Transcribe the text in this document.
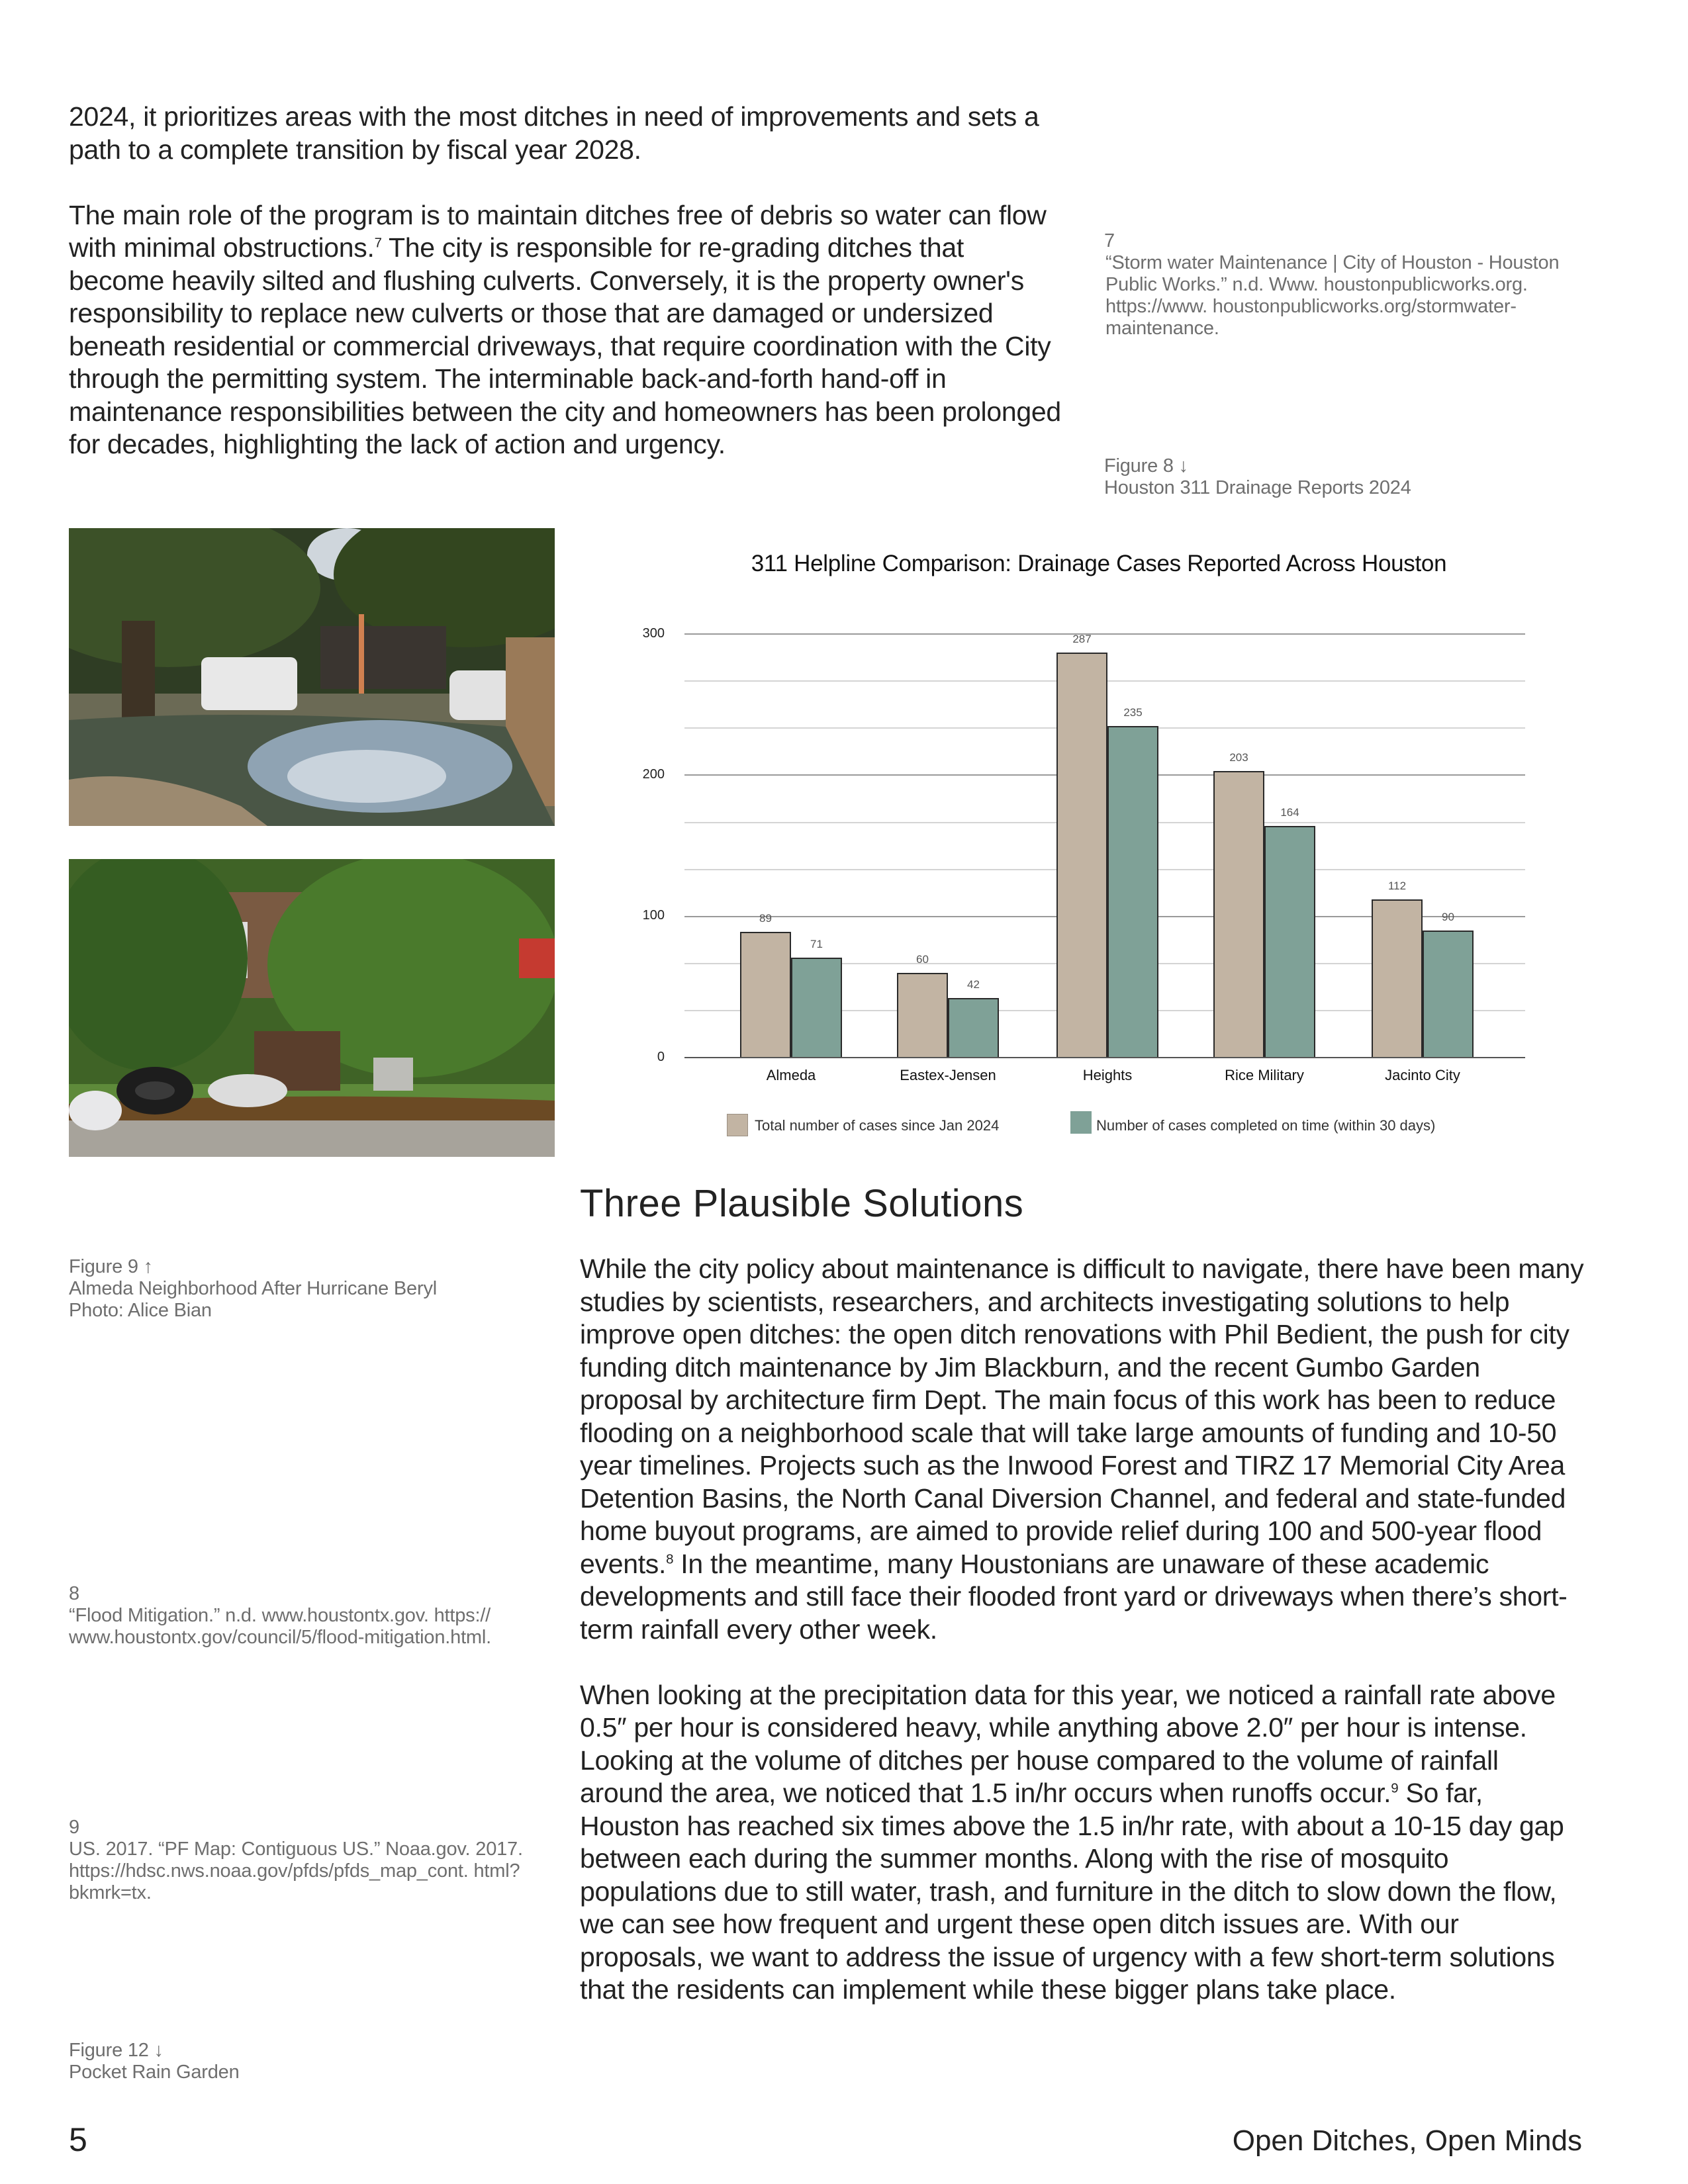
2024, it prioritizes areas with the most ditches in need of improvements and sets a path to a complete transition by fiscal year 2028.

The main role of the program is to maintain ditches free of debris so water can flow with minimal obstructions.$^7$ The city is responsible for re-grading ditches that become heavily silted and flushing culverts. Conversely, it is the property owner's responsibility to replace new culverts or those that are damaged or undersized beneath residential or commercial driveways, that require coordination with the City through the permitting system. The interminable back-and-forth hand-off in maintenance responsibilities between the city and homeowners has been prolonged for decades, highlighting the lack of action and urgency.

7
“Storm water Maintenance | City of Houston - Houston Public Works.” n.d. Www. houstonpublicworks.org. https://www. houstonpublicworks.org/stormwater-maintenance.
Figure 8 ↓
Houston 311 Drainage Reports 2024
311 Helpline Comparison: Drainage Cases Reported Across Houston
300
200
100
0
89
71
Almeda
60
42
Eastex-Jensen
287
235
Heights
203
164
Rice Military
112
90
Jacinto City
Total number of cases since Jan 2024	Number of cases completed on time (within 30 days)
Figure 9 ↑
Almeda Neighborhood After Hurricane Beryl
Photo: Alice Bian
8
“Flood Mitigation.” n.d. www.houstontx.gov. https:// www.houstontx.gov/council/5/flood-mitigation.html.
9
US. 2017. “PF Map: Contiguous US.” Noaa.gov. 2017. https://hdsc.nws.noaa.gov/pfds/pfds_map_cont. html?bkmrk=tx.
Figure 12 ↓
Pocket Rain Garden
Three Plausible Solutions

While the city policy about maintenance is difficult to navigate, there have been many studies by scientists, researchers, and architects investigating solutions to help improve open ditches: the open ditch renovations with Phil Bedient, the push for city funding ditch maintenance by Jim Blackburn, and the recent Gumbo Garden proposal by architecture firm Dept. The main focus of this work has been to reduce flooding on a neighborhood scale that will take large amounts of funding and 10-50 year timelines. Projects such as the Inwood Forest and TIRZ 17 Memorial City Area Detention Basins, the North Canal Diversion Channel, and federal and state-funded home buyout programs, are aimed to provide relief during 100 and 500-year flood events.$^8$ In the meantime, many Houstonians are unaware of these academic developments and still face their flooded front yard or driveways when there’s short-term rainfall every other week.

When looking at the precipitation data for this year, we noticed a rainfall rate above 0.5″ per hour is considered heavy, while anything above 2.0″ per hour is intense. Looking at the volume of ditches per house compared to the volume of rainfall around the area, we noticed that 1.5 in/hr occurs when runoffs occur.$^9$ So far, Houston has reached six times above the 1.5 in/hr rate, with about a 10-15 day gap between each during the summer months. Along with the rise of mosquito populations due to still water, trash, and furniture in the ditch to slow down the flow, we can see how frequent and urgent these open ditch issues are. With our proposals, we want to address the issue of urgency with a few short-term solutions that the residents can implement while these bigger plans take place.

5	Open Ditches, Open Minds
